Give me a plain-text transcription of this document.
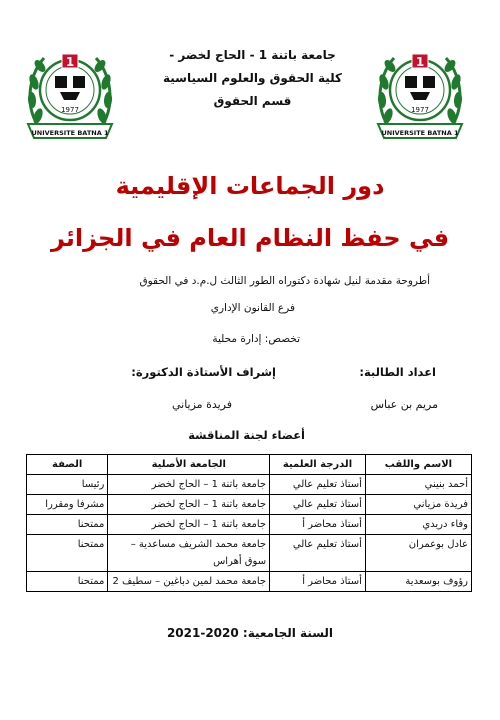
1
1977
UNIVERSITE BATNA 1
1
1977
UNIVERSITE BATNA 1
جامعة باتنة 1 - الحاج لخضر -
كلية الحقوق والعلوم السياسية
قسم الحقوق
دور الجماعات الإقليمية
في حفظ النظام العام في الجزائر
أطروحة مقدمة لنيل شهادة دكتوراه الطور الثالث ل.م.د في الحقوق
فرع القانون الإداري
تخصص: إدارة محلية
اعداد الطالبة:
إشراف الأستاذة الدكتورة:
مريم بن عباس
فريدة مزياني
أعضاء لجنة المناقشة
الاسم واللقب	الدرجة العلمية	الجامعة الأصلية	الصفة
أحمد بنيني	أستاذ تعليم عالي	جامعة باتنة 1 – الحاج لخضر	رئيسا
فريدة مزياني	أستاذ تعليم عالي	جامعة باتنة 1 – الحاج لخضر	مشرفا ومقررا
وفاء دريدي	أستاذ محاضر أ	جامعة باتنة 1 – الحاج لخضر	ممتحنا
عادل بوعمران	أستاذ تعليم عالي	جامعة محمد الشريف مساعدية – سوق أهراس	ممتحنا
رؤوف بوسعدية	أستاذ محاضر أ	جامعة محمد لمين دباغين – سطيف 2	ممتحنا
السنة الجامعية: 2020-2021
